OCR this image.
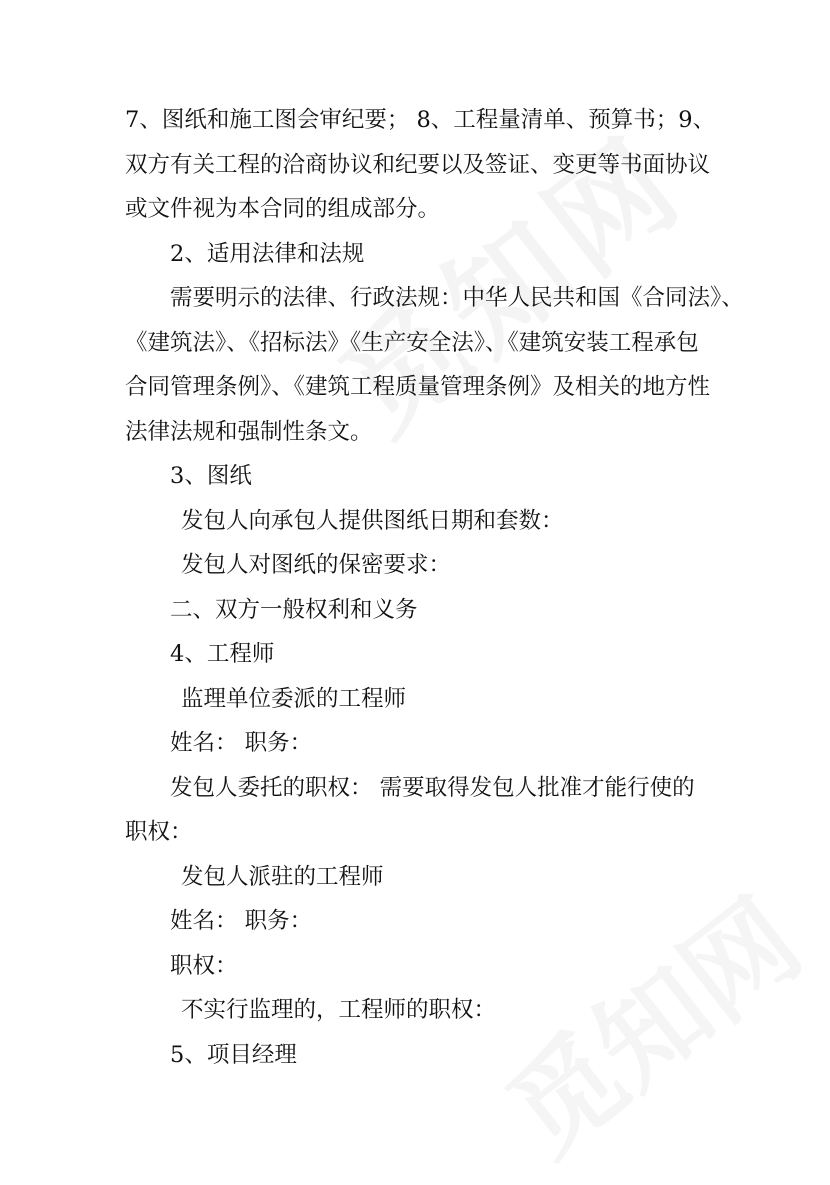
7、图纸和施工图会审纪要； 8、工程量清单、预算书；9、

双方有关工程的洽商协议和纪要以及签证、变更等书面协议

或文件视为本合同的组成部分。

2、适用法律和法规

需要明示的法律、行政法规：中华人民共和国《合同法》、

《建筑法》、《招标法》《生产安全法》、《建筑安装工程承包

合同管理条例》、《建筑工程质量管理条例》及相关的地方性

法律法规和强制性条文。

3、图纸

发包人向承包人提供图纸日期和套数：

发包人对图纸的保密要求：

二、双方一般权利和义务

4、工程师

监理单位委派的工程师

姓名： 职务：

发包人委托的职权： 需要取得发包人批准才能行使的

职权：

发包人派驻的工程师

姓名： 职务：

职权：

不实行监理的，工程师的职权：

5、项目经理
